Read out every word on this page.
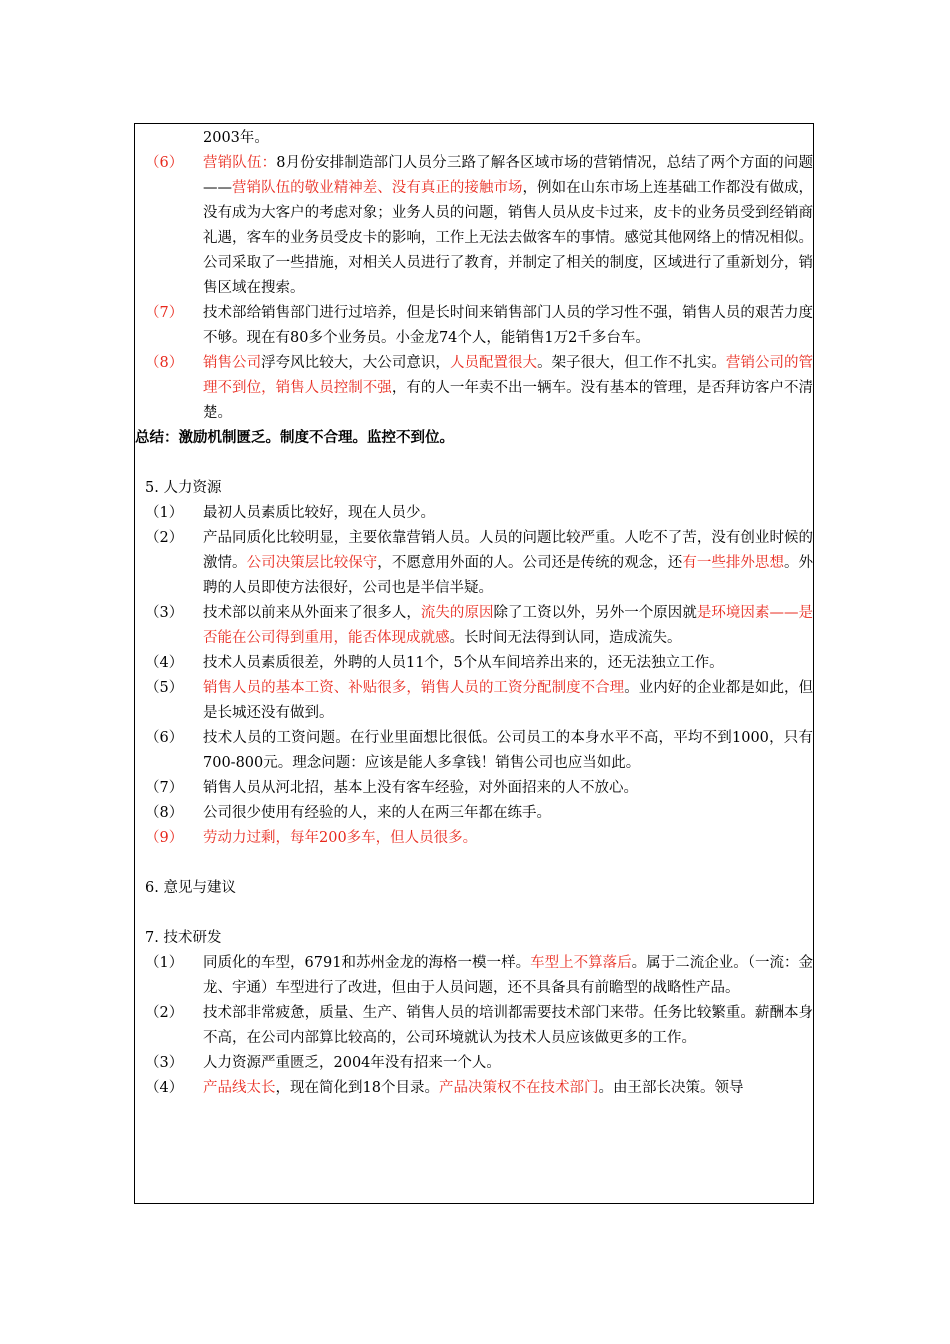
2003年。
（6）	营销队伍：8月份安排制造部门人员分三路了解各区域市场的营销情况，总结了两个方面的问题——营销队伍的敬业精神差、没有真正的接触市场，例如在山东市场上连基础工作都没有做成，没有成为大客户的考虑对象；业务人员的问题，销售人员从皮卡过来，皮卡的业务员受到经销商礼遇，客车的业务员受皮卡的影响，工作上无法去做客车的事情。感觉其他网络上的情况相似。公司采取了一些措施，对相关人员进行了教育，并制定了相关的制度，区域进行了重新划分，销售区域在搜索。
（7）	技术部给销售部门进行过培养，但是长时间来销售部门人员的学习性不强，销售人员的艰苦力度不够。现在有80多个业务员。小金龙74个人，能销售1万2千多台车。
（8）	销售公司浮夸风比较大，大公司意识，人员配置很大。架子很大，但工作不扎实。营销公司的管理不到位，销售人员控制不强，有的人一年卖不出一辆车。没有基本的管理，是否拜访客户不清楚。
总结：激励机制匮乏。制度不合理。监控不到位。
5. 人力资源
（1）	最初人员素质比较好，现在人员少。
（2）	产品同质化比较明显，主要依靠营销人员。人员的问题比较严重。人吃不了苦，没有创业时候的激情。公司决策层比较保守，不愿意用外面的人。公司还是传统的观念，还有一些排外思想。外聘的人员即使方法很好，公司也是半信半疑。
（3）	技术部以前来从外面来了很多人，流失的原因除了工资以外，另外一个原因就是环境因素——是否能在公司得到重用，能否体现成就感。长时间无法得到认同，造成流失。
（4）	技术人员素质很差，外聘的人员11个，5个从车间培养出来的，还无法独立工作。
（5）	销售人员的基本工资、补贴很多，销售人员的工资分配制度不合理。业内好的企业都是如此，但是长城还没有做到。
（6）	技术人员的工资问题。在行业里面想比很低。公司员工的本身水平不高，平均不到1000，只有700-800元。理念问题：应该是能人多拿钱！销售公司也应当如此。
（7）	销售人员从河北招，基本上没有客车经验，对外面招来的人不放心。
（8）	公司很少使用有经验的人，来的人在两三年都在练手。
（9）	劳动力过剩，每年200多车，但人员很多。
6. 意见与建议
7. 技术研发
（1）	同质化的车型，6791和苏州金龙的海格一模一样。车型上不算落后。属于二流企业。（一流：金龙、宇通）车型进行了改进，但由于人员问题，还不具备具有前瞻型的战略性产品。
（2）	技术部非常疲惫，质量、生产、销售人员的培训都需要技术部门来带。任务比较繁重。薪酬本身不高，在公司内部算比较高的，公司环境就认为技术人员应该做更多的工作。
（3）	人力资源严重匮乏，2004年没有招来一个人。
（4）	产品线太长，现在简化到18个目录。产品决策权不在技术部门。由王部长决策。领导
